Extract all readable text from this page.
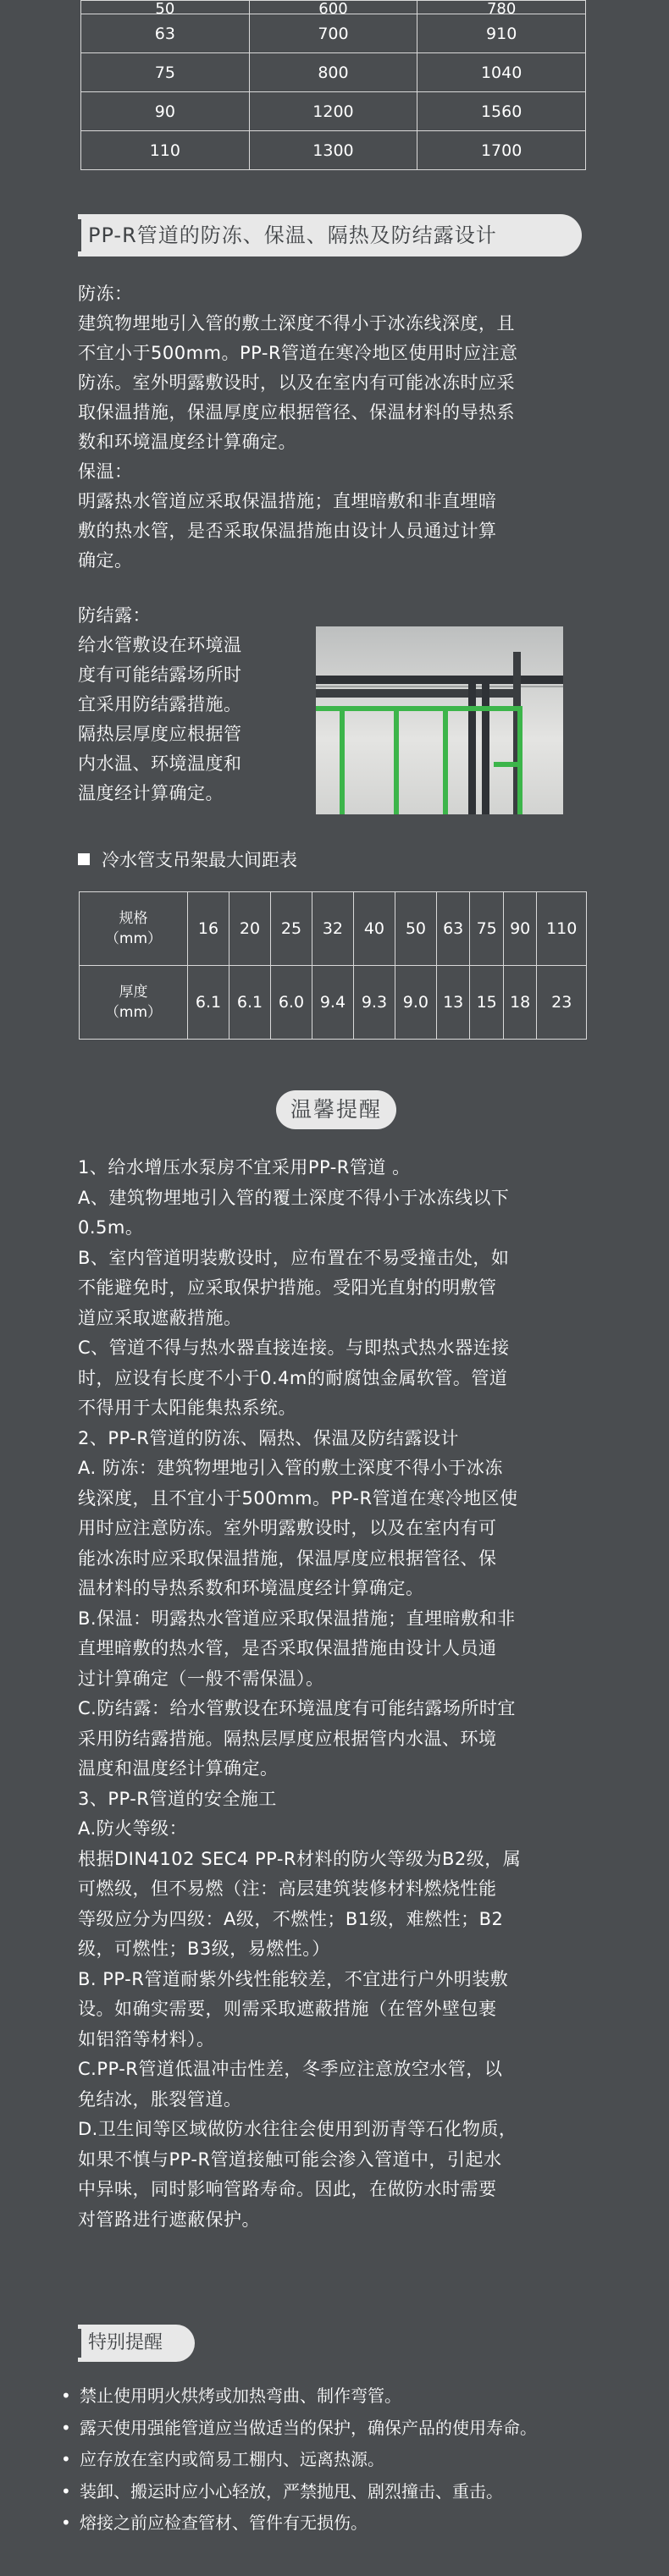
50	600	780
63	700	910
75	800	1040
90	1200	1560
110	1300	1700
PP-R管道的防冻、保温、隔热及防结露设计
防冻：
建筑物埋地引入管的敷土深度不得小于冰冻线深度，且
不宜小于500mm。PP-R管道在寒冷地区使用时应注意
防冻。室外明露敷设时，以及在室内有可能冰冻时应采
取保温措施，保温厚度应根据管径、保温材料的导热系
数和环境温度经计算确定。
保温：
明露热水管道应采取保温措施；直埋暗敷和非直埋暗
敷的热水管，是否采取保温措施由设计人员通过计算
确定。
防结露：
给水管敷设在环境温
度有可能结露场所时
宜采用防结露措施。
隔热层厚度应根据管
内水温、环境温度和
温度经计算确定。
冷水管支吊架最大间距表
规格
（mm）	16	20	25	32	40	50	63	75	90	110
厚度
（mm）	6.1	6.1	6.0	9.4	9.3	9.0	13	15	18	23
温馨提醒
1、给水增压水泵房不宜采用PP-R管道 。
A、建筑物埋地引入管的覆土深度不得小于冰冻线以下
0.5m。
B、室内管道明装敷设时，应布置在不易受撞击处，如
不能避免时，应采取保护措施。受阳光直射的明敷管
道应采取遮蔽措施。
C、管道不得与热水器直接连接。与即热式热水器连接
时，应设有长度不小于0.4m的耐腐蚀金属软管。管道
不得用于太阳能集热系统。
2、PP-R管道的防冻、隔热、保温及防结露设计
A. 防冻：建筑物埋地引入管的敷土深度不得小于冰冻
线深度，且不宜小于500mm。PP-R管道在寒冷地区使
用时应注意防冻。室外明露敷设时，以及在室内有可
能冰冻时应采取保温措施，保温厚度应根据管径、保
温材料的导热系数和环境温度经计算确定。
B.保温：明露热水管道应采取保温措施；直埋暗敷和非
直埋暗敷的热水管，是否采取保温措施由设计人员通
过计算确定（一般不需保温）。
C.防结露：给水管敷设在环境温度有可能结露场所时宜
采用防结露措施。隔热层厚度应根据管内水温、环境
温度和温度经计算确定。
3、PP-R管道的安全施工
A.防火等级：
根据DIN4102 SEC4 PP-R材料的防火等级为B2级，属
可燃级，但不易燃（注：高层建筑装修材料燃烧性能
等级应分为四级：A级，不燃性；B1级，难燃性；B2
级，可燃性；B3级，易燃性。）
B. PP-R管道耐紫外线性能较差，不宜进行户外明装敷
设。如确实需要，则需采取遮蔽措施（在管外壁包裹
如铝箔等材料）。
C.PP-R管道低温冲击性差，冬季应注意放空水管，以
免结冰，胀裂管道。
D.卫生间等区域做防水往往会使用到沥青等石化物质，
如果不慎与PP-R管道接触可能会渗入管道中，引起水
中异味，同时影响管路寿命。因此，在做防水时需要
对管路进行遮蔽保护。
特别提醒
• 禁止使用明火烘烤或加热弯曲、制作弯管。
• 露天使用强能管道应当做适当的保护，确保产品的使用寿命。
• 应存放在室内或简易工棚内、远离热源。
• 装卸、搬运时应小心轻放，严禁抛甩、剧烈撞击、重击。
• 熔接之前应检查管材、管件有无损伤。
